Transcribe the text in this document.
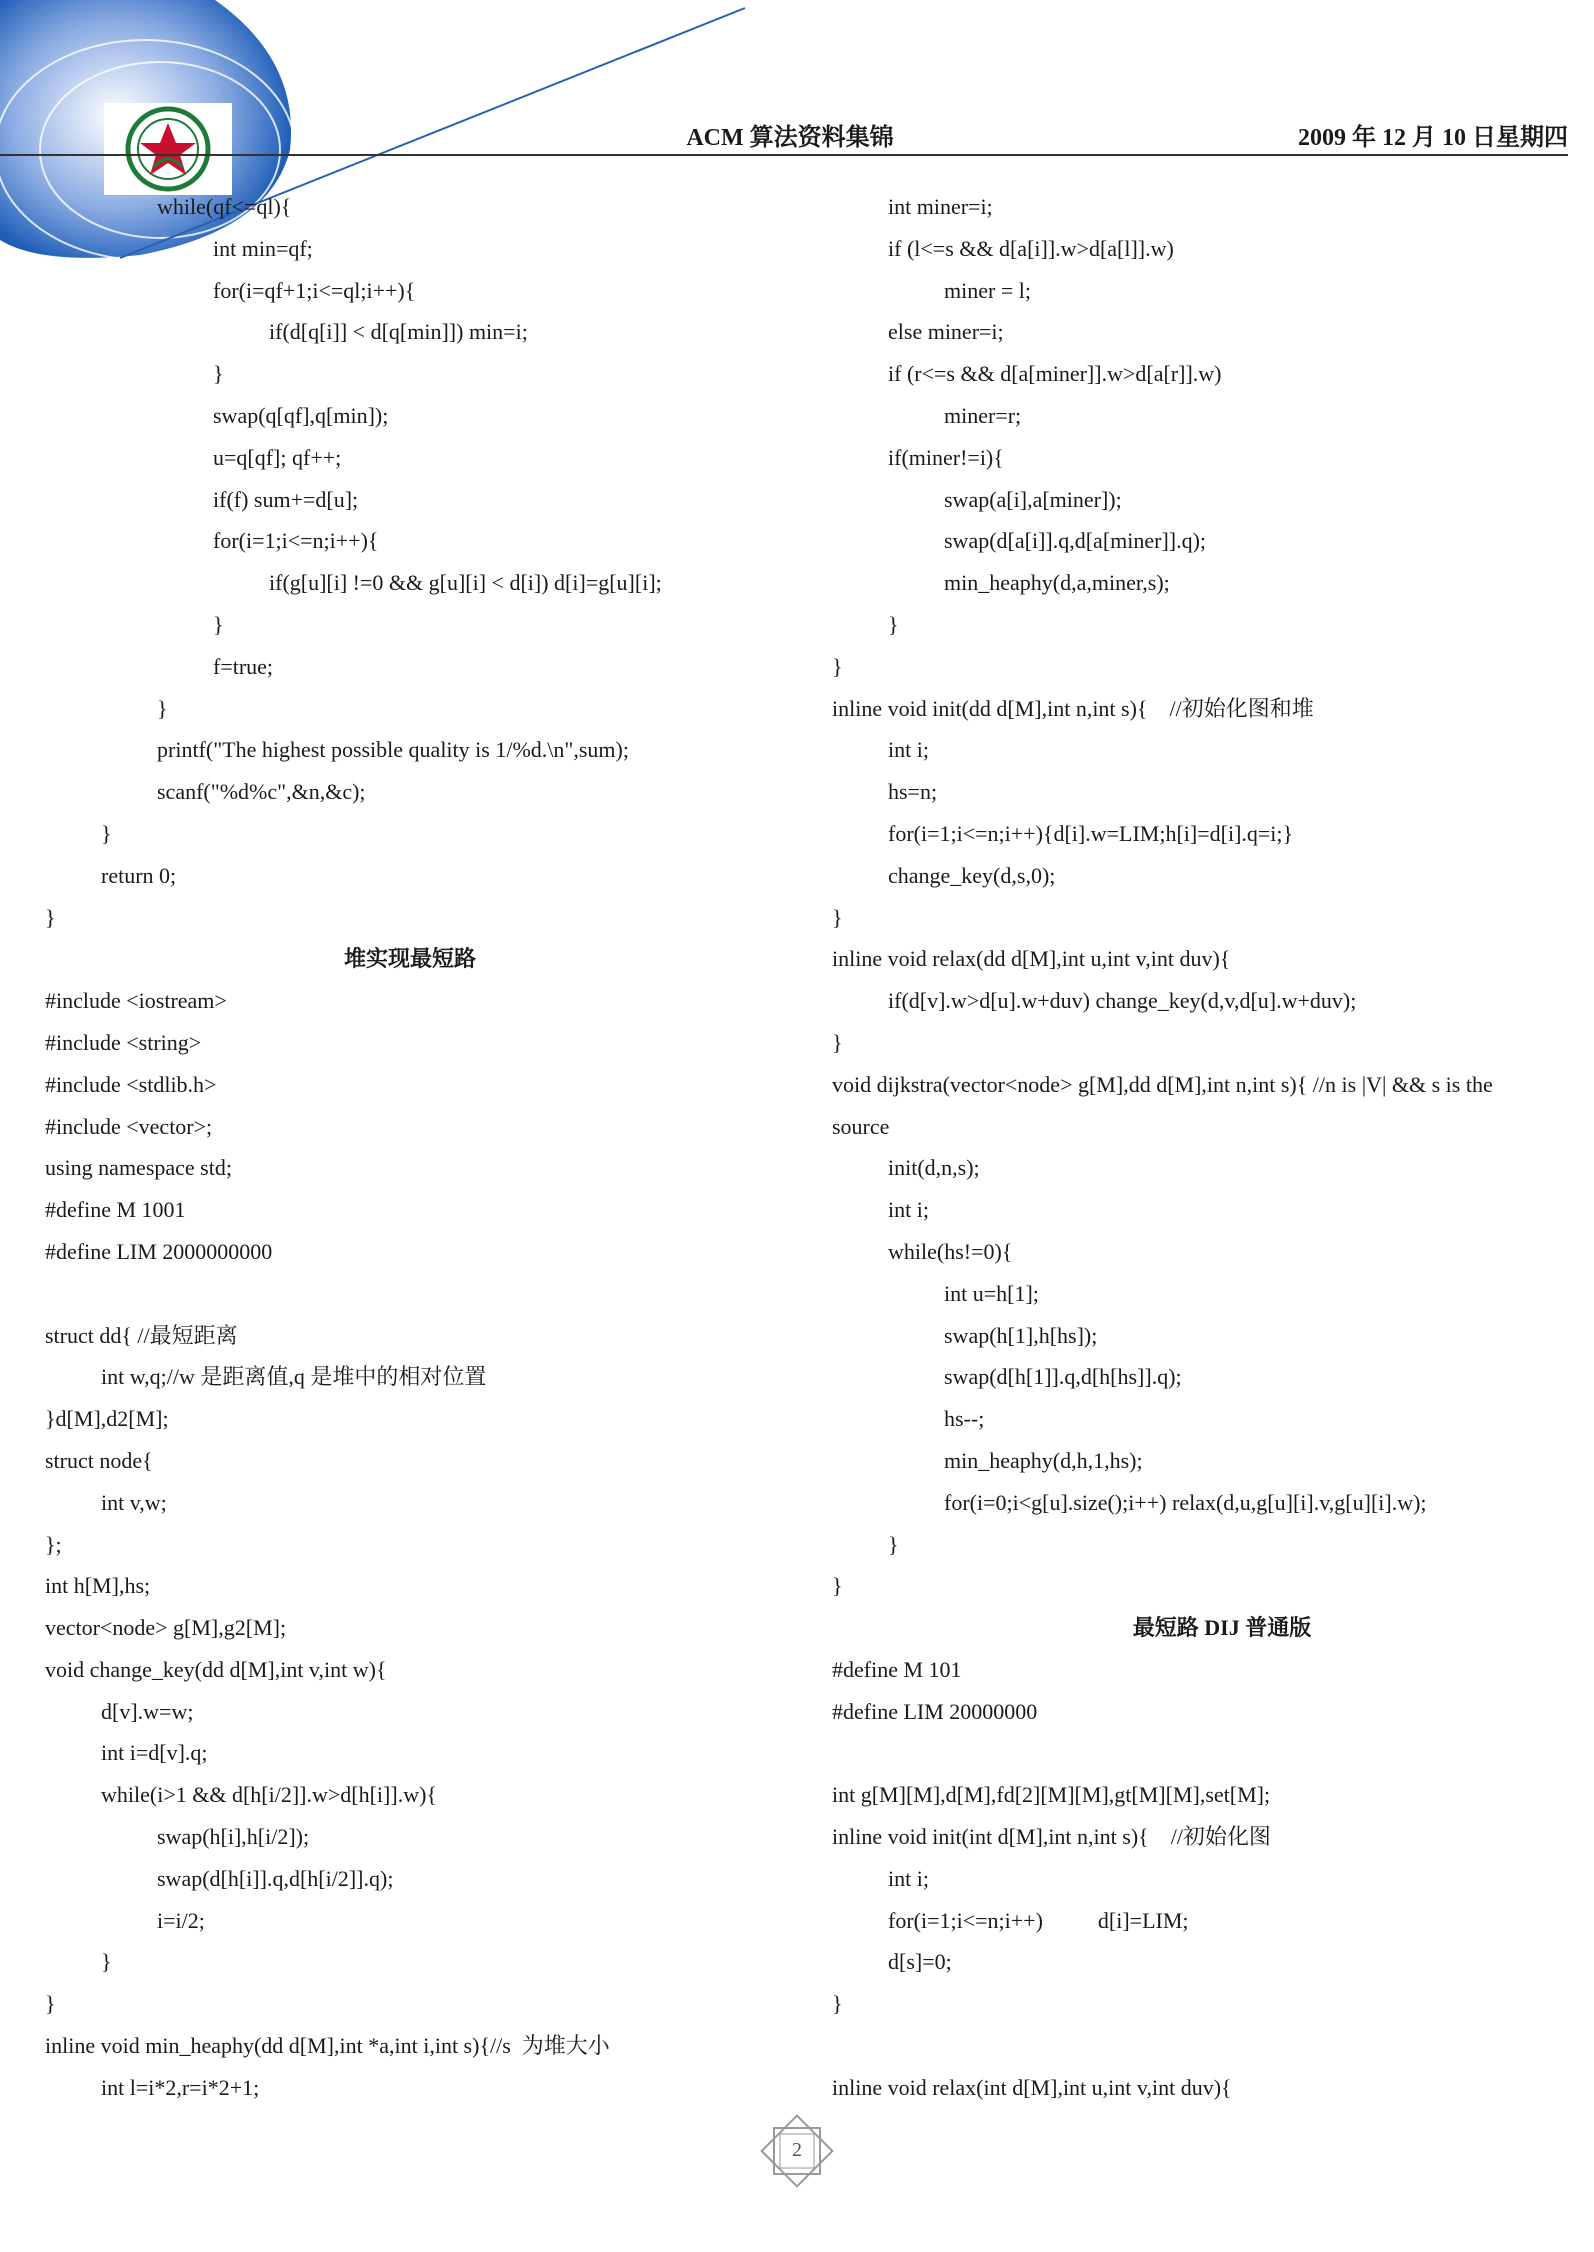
ACM 算法资料集锦	2009 年 12 月 10 日星期四
while(qf<=ql){
int min=qf;
for(i=qf+1;i<=ql;i++){
if(d[q[i]] < d[q[min]]) min=i;
}
swap(q[qf],q[min]);
u=q[qf]; qf++;
if(f) sum+=d[u];
for(i=1;i<=n;i++){
if(g[u][i] !=0 && g[u][i] < d[i]) d[i]=g[u][i];
}
f=true;
}
printf("The highest possible quality is 1/%d.\n",sum);
scanf("%d%c",&n,&c);
}
return 0;
}
堆实现最短路
#include <iostream>
#include <string>
#include <stdlib.h>
#include <vector>;
using namespace std;
#define M 1001
#define LIM 2000000000
struct dd{ //最短距离
int w,q;//w 是距离值,q 是堆中的相对位置
}d[M],d2[M];
struct node{
int v,w;
};
int h[M],hs;
vector<node> g[M],g2[M];
void change_key(dd d[M],int v,int w){
d[v].w=w;
int i=d[v].q;
while(i>1 && d[h[i/2]].w>d[h[i]].w){
swap(h[i],h[i/2]);
swap(d[h[i]].q,d[h[i/2]].q);
i=i/2;
}
}
inline void min_heaphy(dd d[M],int *a,int i,int s){//s  为堆大小
int l=i*2,r=i*2+1;
int miner=i;
if (l<=s && d[a[i]].w>d[a[l]].w)
miner = l;
else miner=i;
if (r<=s && d[a[miner]].w>d[a[r]].w)
miner=r;
if(miner!=i){
swap(a[i],a[miner]);
swap(d[a[i]].q,d[a[miner]].q);
min_heaphy(d,a,miner,s);
}
}
inline void init(dd d[M],int n,int s){    //初始化图和堆
int i;
hs=n;
for(i=1;i<=n;i++){d[i].w=LIM;h[i]=d[i].q=i;}
change_key(d,s,0);
}
inline void relax(dd d[M],int u,int v,int duv){
if(d[v].w>d[u].w+duv) change_key(d,v,d[u].w+duv);
}
void dijkstra(vector<node> g[M],dd d[M],int n,int s){ //n is |V| && s is the
source
init(d,n,s);
int i;
while(hs!=0){
int u=h[1];
swap(h[1],h[hs]);
swap(d[h[1]].q,d[h[hs]].q);
hs--;
min_heaphy(d,h,1,hs);
for(i=0;i<g[u].size();i++) relax(d,u,g[u][i].v,g[u][i].w);
}
}
最短路 DIJ 普通版
#define M 101
#define LIM 20000000
int g[M][M],d[M],fd[2][M][M],gt[M][M],set[M];
inline void init(int d[M],int n,int s){    //初始化图
int i;
for(i=1;i<=n;i++)          d[i]=LIM;
d[s]=0;
}
inline void relax(int d[M],int u,int v,int duv){
2
